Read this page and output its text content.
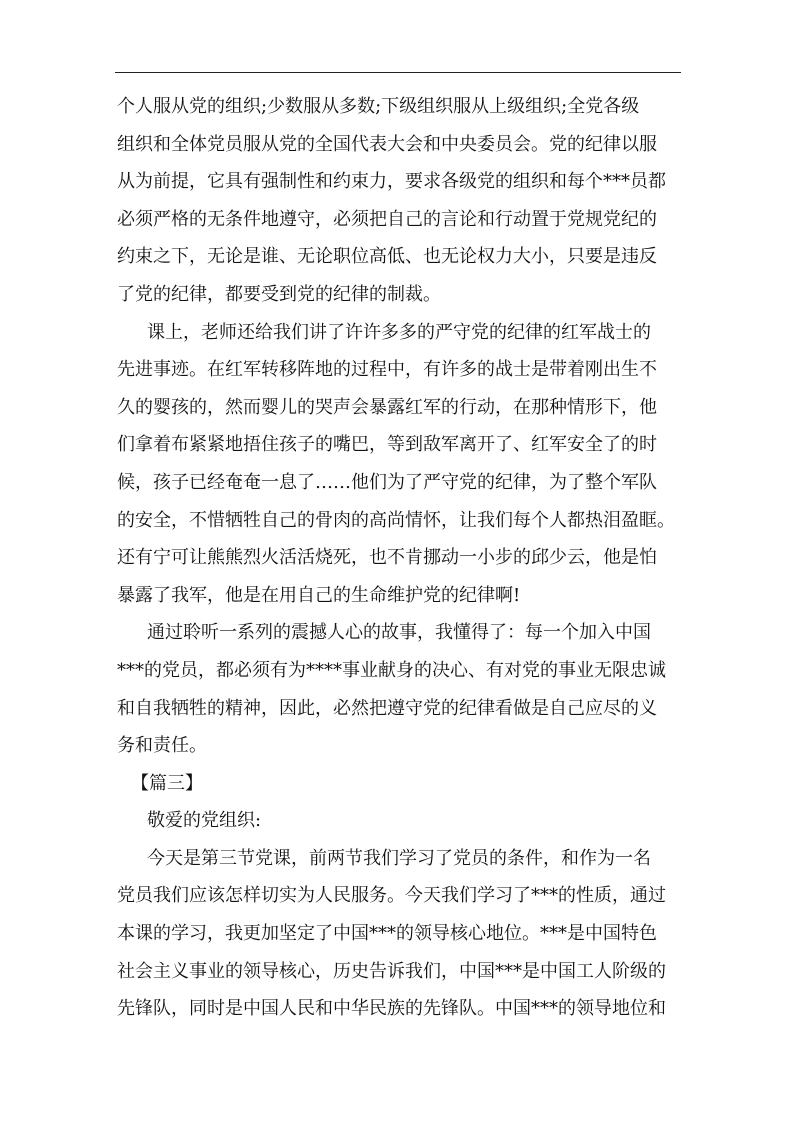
个人服从党的组织;少数服从多数;下级组织服从上级组织;全党各级
组织和全体党员服从党的全国代表大会和中央委员会。党的纪律以服
从为前提，它具有强制性和约束力，要求各级党的组织和每个***员都
必须严格的无条件地遵守，必须把自己的言论和行动置于党规党纪的
约束之下，无论是谁、无论职位高低、也无论权力大小，只要是违反
了党的纪律，都要受到党的纪律的制裁。
课上，老师还给我们讲了许许多多的严守党的纪律的红军战士的
先进事迹。在红军转移阵地的过程中，有许多的战士是带着刚出生不
久的婴孩的，然而婴儿的哭声会暴露红军的行动，在那种情形下，他
们拿着布紧紧地捂住孩子的嘴巴，等到敌军离开了、红军安全了的时
候，孩子已经奄奄一息了……他们为了严守党的纪律，为了整个军队
的安全，不惜牺牲自己的骨肉的高尚情怀，让我们每个人都热泪盈眶。
还有宁可让熊熊烈火活活烧死，也不肯挪动一小步的邱少云，他是怕
暴露了我军，他是在用自己的生命维护党的纪律啊!
通过聆听一系列的震撼人心的故事，我懂得了：每一个加入中国
***的党员，都必须有为****事业献身的决心、有对党的事业无限忠诚
和自我牺牲的精神，因此，必然把遵守党的纪律看做是自己应尽的义
务和责任。
【篇三】
敬爱的党组织:
今天是第三节党课，前两节我们学习了党员的条件，和作为一名
党员我们应该怎样切实为人民服务。今天我们学习了***的性质，通过
本课的学习，我更加坚定了中国***的领导核心地位。***是中国特色
社会主义事业的领导核心，历史告诉我们，中国***是中国工人阶级的
先锋队，同时是中国人民和中华民族的先锋队。中国***的领导地位和
